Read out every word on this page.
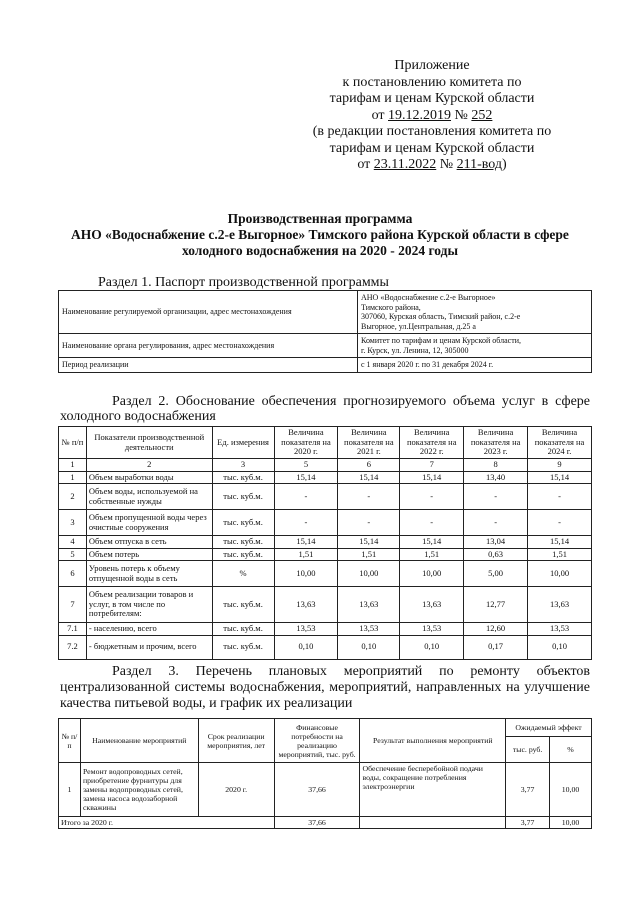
Приложение
к постановлению комитета по
тарифам и ценам Курской области
от 19.12.2019 № 252
(в редакции постановления комитета по
тарифам и ценам Курской области
от 23.11.2022 № 211-вод)
Производственная программа
АНО «Водоснабжение с.2-е Выгорное» Тимского района Курской области в сфере
холодного водоснабжения на 2020 - 2024 годы
Раздел 1. Паспорт производственной программы
Наименование регулируемой организации, адрес местонахождения	АНО «Водоснабжение с.2-е Выгорное»
Тимского района,
307060, Курская область, Тимский район, с.2-е
Выгорное, ул.Центральная, д.25 а

Наименование органа регулирования, адрес местонахождения	Комитет по тарифам и ценам Курской области,
г. Курск, ул. Ленина, 12, 305000

Период реализации	с 1 января 2020 г. по 31 декабря 2024 г.
Раздел 2. Обоснование обеспечения прогнозируемого объема услуг в сфере холодного водоснабжения
№ п/п	Показатели производственной деятельности	Ед. измерения	Величина показателя на 2020 г.	Величина показателя на 2021 г.	Величина показателя на 2022 г.	Величина показателя на 2023 г.	Величина показателя на 2024 г.
1	2	3	5	6	7	8	9
1	Объем выработки воды	тыс. куб.м.	15,14	15,14	15,14	13,40	15,14
2	Объем воды, используемой на собственные нужды	тыс. куб.м.	-	-	-	-	-
3	Объем пропущенной воды через очистные сооружения	тыс. куб.м.	-	-	-	-	-
4	Объем отпуска в сеть	тыс. куб.м.	15,14	15,14	15,14	13,04	15,14
5	Объем потерь	тыс. куб.м.	1,51	1,51	1,51	0,63	1,51
6	Уровень потерь к объему отпущенной воды в сеть	%	10,00	10,00	10,00	5,00	10,00
7	Объем реализации товаров и услуг, в том числе по потребителям:	тыс. куб.м.	13,63	13,63	13,63	12,77	13,63
7.1	- населению, всего	тыс. куб.м.	13,53	13,53	13,53	12,60	13,53
7.2	- бюджетным и прочим, всего	тыс. куб.м.	0,10	0,10	0,10	0,17	0,10
Раздел 3. Перечень плановых мероприятий по ремонту объектов централизованной системы водоснабжения, мероприятий, направленных на улучшение качества питьевой воды, и график их реализации
№ п/п	Наименование мероприятий	Срок реализации мероприятия, лет	Финансовые потребности на реализацию мероприятий, тыс. руб.	Результат выполнения мероприятий	Ожидаемый эффект	
					тыс. руб.	%
1	Ремонт водопроводных сетей, приобретение фурнитуры для замены водопроводных сетей, замена насоса водозаборной скважины	2020 г.	37,66	Обеспечение бесперебойной подачи воды, сокращение потребления электроэнергии	3,77	10,00
Итого за 2020 г.			37,66		3,77	10,00
